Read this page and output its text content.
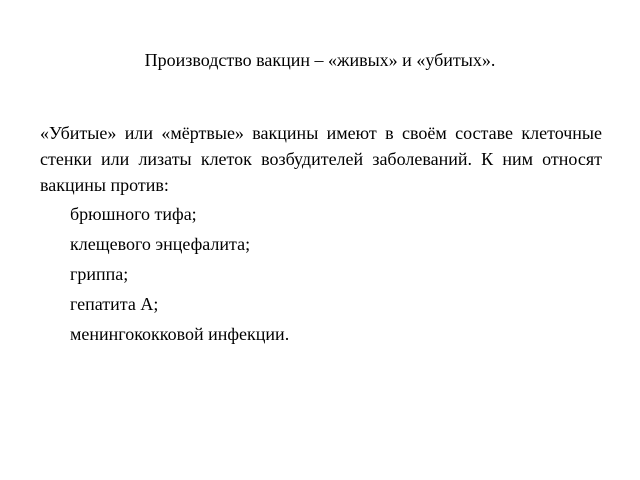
Производство вакцин – «живых» и «убитых».
«Убитые» или «мёртвые» вакцины имеют в своём составе клеточные стенки или лизаты клеток возбудителей заболеваний. К ним относят вакцины против:
брюшного тифа;
клещевого энцефалита;
гриппа;
гепатита А;
менингококковой инфекции.
